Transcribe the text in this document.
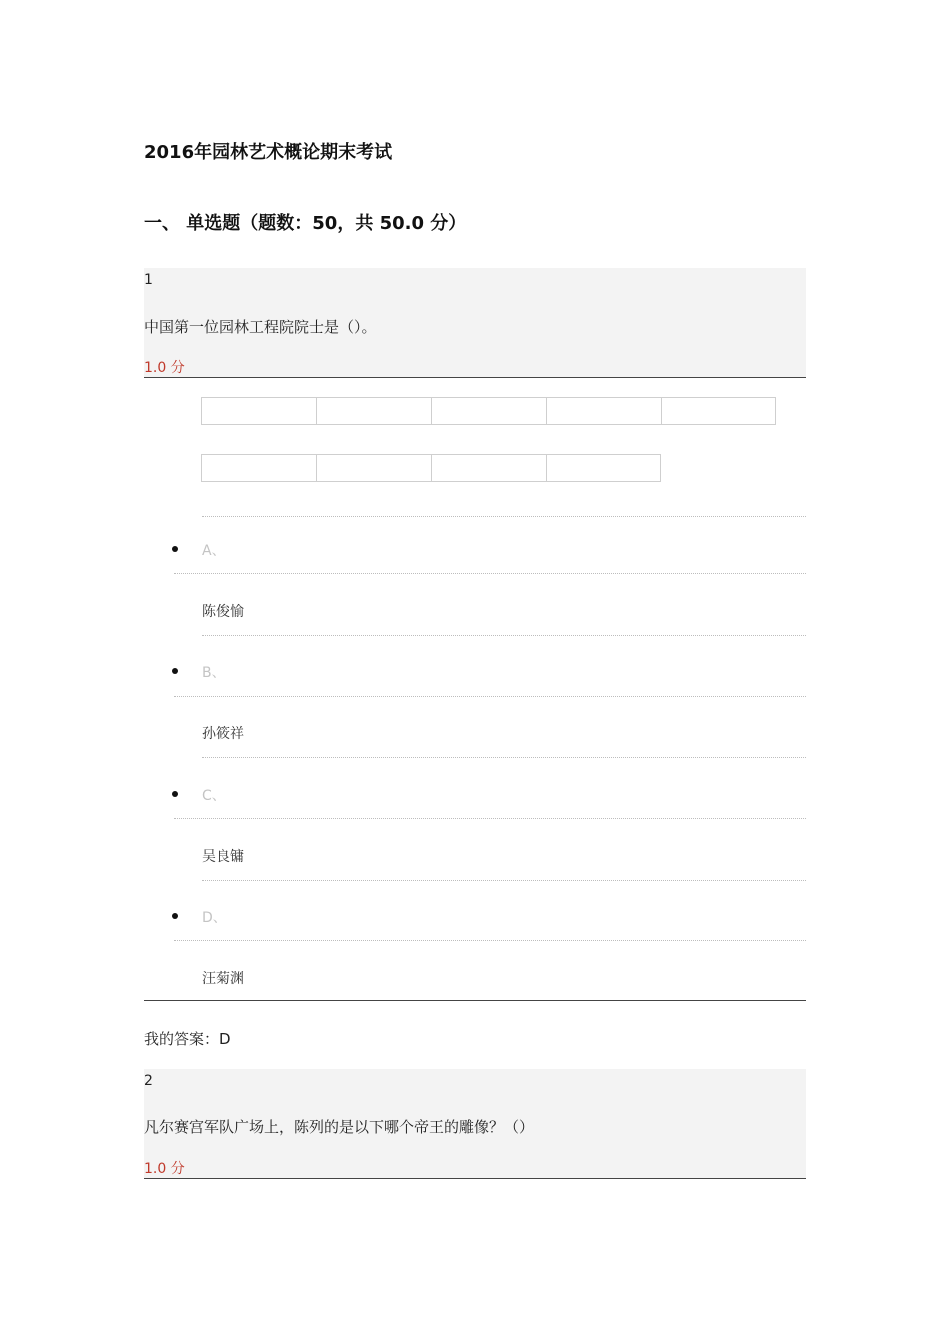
2016年园林艺术概论期末考试
一、 单选题（题数：50，共 50.0 分）
1
中国第一位园林工程院院士是（）。
1.0 分
A、
陈俊愉
B、
孙筱祥
C、
吴良镛
D、
汪菊渊
我的答案：D
2
凡尔赛宫军队广场上，陈列的是以下哪个帝王的雕像？（）
1.0 分
